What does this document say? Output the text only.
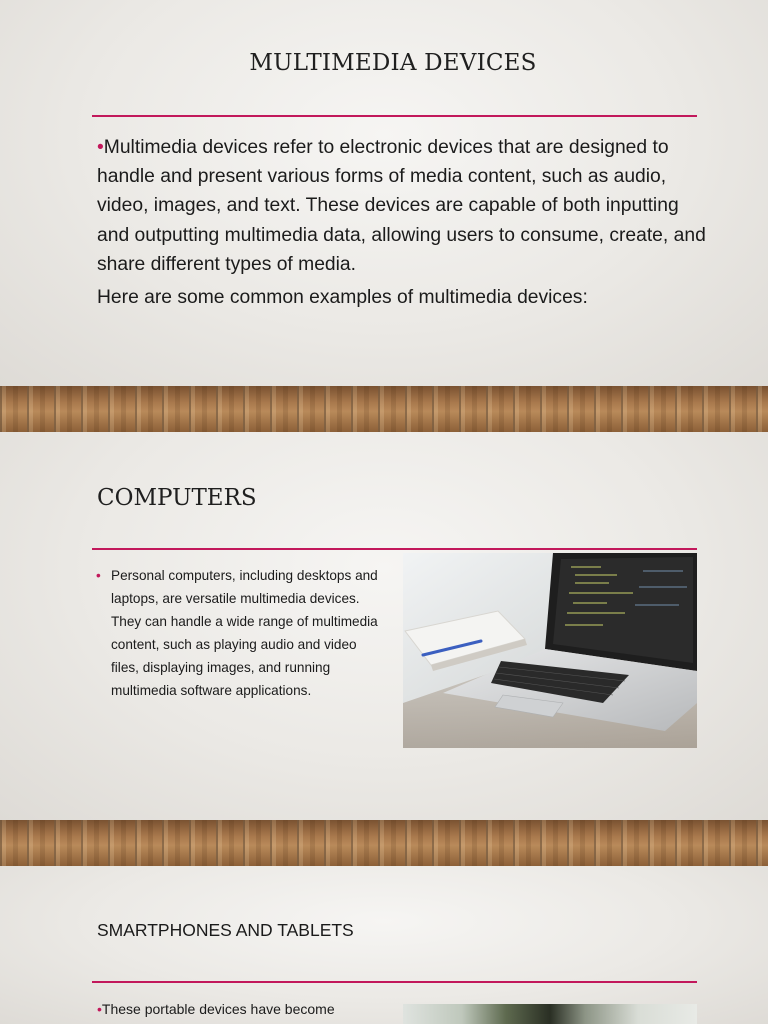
MULTIMEDIA DEVICES

•Multimedia devices refer to electronic devices that are designed to handle and present various forms of media content, such as audio, video, images, and text. These devices are capable of both inputting and outputting multimedia data, allowing users to consume, create, and share different types of media.

Here are some common examples of multimedia devices:

COMPUTERS
• Personal computers, including desktops and laptops, are versatile multimedia devices. They can handle a wide range of multimedia content, such as playing audio and video files, displaying images, and running multimedia software applications.
SMARTPHONES AND TABLETS

•These portable devices have become
